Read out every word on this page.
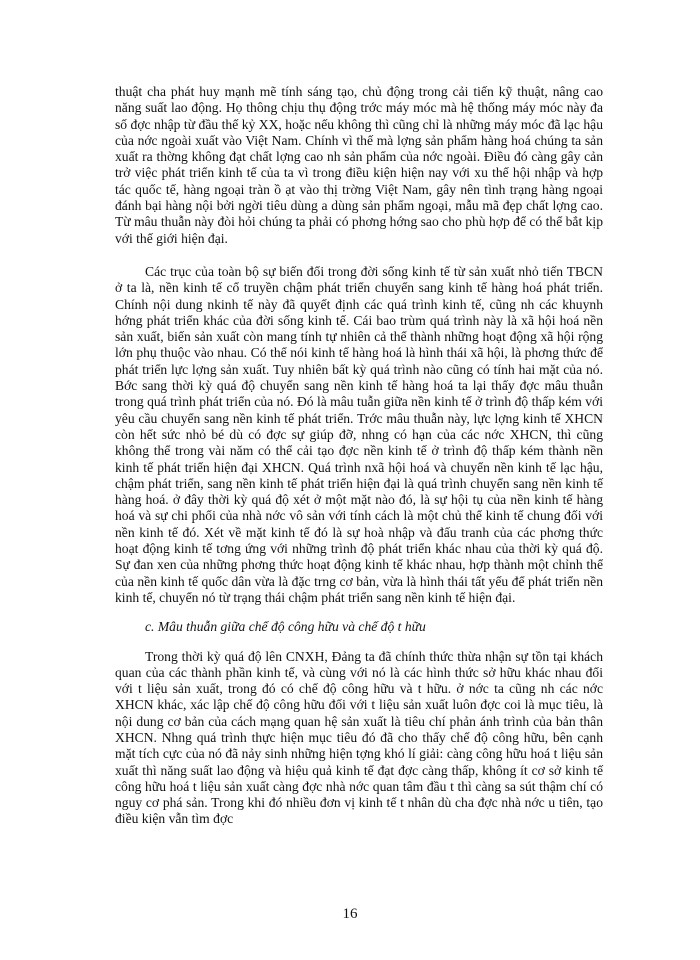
thuật cha phát huy mạnh mẽ tính sáng tạo, chủ động trong cải tiến kỹ thuật, nâng cao năng suất lao động. Họ thông chịu thụ động trớc máy móc mà hệ thống máy móc này đa số đợc nhập từ đầu thế kỷ XX, hoặc nếu không thì cũng chỉ là những máy móc đã lạc hậu của nớc ngoài xuất vào Việt Nam. Chính vì thế mà lợng sản phẩm hàng hoá chúng ta sản xuất ra thờng không đạt chất lợng cao nh sản phẩm của nớc ngoài. Điều đó càng gây cản trở việc phát triển kinh tế của ta vì trong điều kiện hiện nay với xu thế hội nhập và hợp tác quốc tế, hàng ngoại tràn ồ ạt vào thị trờng Việt Nam, gây nên tình trạng hàng ngoại đánh bại hàng nội bởi ngời tiêu dùng a dùng sản phẩm ngoại, mẫu mã đẹp chất lợng cao. Từ mâu thuẫn này đòi hỏi chúng ta phải có phơng hớng sao cho phù hợp để có thể bắt kịp với thế giới hiện đại.

Các trục của toàn bộ sự biến đổi trong đời sống kinh tế từ sản xuất nhỏ tiến TBCN ở ta là, nền kinh tế cổ truyền chậm phát triển chuyển sang kinh tế hàng hoá phát triển. Chính nội dung nkinh tế này đã quyết định các quá trình kinh tế, cũng nh các khuynh hớng phát triển khác của đời sống kinh tế. Cái bao trùm quá trình này là xã hội hoá nền sản xuất, biến sản xuất còn mang tính tự nhiên cả thể thành những hoạt động xã hội rộng lớn phụ thuộc vào nhau. Có thể nói kinh tế hàng hoá là hình thái xã hội, là phơng thức để phát triển lực lợng sản xuất. Tuy nhiên bất kỳ quá trình nào cũng có tính hai mặt của nó. Bớc sang thời kỳ quá độ chuyển sang nền kinh tế hàng hoá ta lại thấy đợc mâu thuẫn trong quá trình phát triển của nó. Đó là mâu tuẫn giữa nền kinh tế ở trình độ thấp kém với yêu cầu chuyển sang nền kinh tế phát triển. Trớc mâu thuẫn này, lực lợng kinh tế XHCN còn hết sức nhỏ bé dù có đợc sự giúp đỡ, nhng có hạn của các nớc XHCN, thì cũng không thể trong vài năm có thể cải tạo đợc nền kinh tế ở trình độ thấp kém thành nền kinh tế phát triển hiện đại XHCN. Quá trình nxã hội hoá và chuyển nền kinh tế lạc hậu, chậm phát triển, sang nền kinh tế phát triển hiện đại là quá trình chuyển sang nền kinh tế hàng hoá. ở đây thời kỳ quá độ xét ở một mặt nào đó, là sự hội tụ của nền kinh tế hàng hoá và sự chi phối của nhà nớc vô sản với tính cách là một chủ thể kinh tế chung đối với nền kinh tế đó. Xét về mặt kinh tế đó là sự hoà nhập và đấu tranh của các phơng thức hoạt động kinh tế tơng ứng với những trình độ phát triển khác nhau của thời kỳ quá độ. Sự đan xen của những phơng thức hoạt động kinh tế khác nhau, hợp thành một chỉnh thể của nền kinh tế quốc dân vừa là đặc trng cơ bản, vừa là hình thái tất yếu để phát triển nền kinh tế, chuyển nó từ trạng thái chậm phát triển sang nền kinh tế hiện đại.

c. Mâu thuẫn giữa chế độ công hữu và chế độ t hữu

Trong thời kỳ quá độ lên CNXH, Đảng ta đã chính thức thừa nhận sự tồn tại khách quan của các thành phần kinh tế, và cùng với nó là các hình thức sở hữu khác nhau đối với t liệu sản xuất, trong đó có chế độ công hữu và t hữu. ở nớc ta cũng nh các nớc XHCN khác, xác lập chế độ công hữu đối với t liệu sản xuất luôn đợc coi là mục tiêu, là nội dung cơ bản của cách mạng quan hệ sản xuất là tiêu chí phản ánh trình của bản thân XHCN. Nhng quá trình thực hiện mục tiêu đó đã cho thấy chế độ công hữu, bên cạnh mặt tích cực của nó đã nảy sinh những hiện tợng khó lí giải: càng công hữu hoá t liệu sản xuất thì năng suất lao động và hiệu quả kinh tế đạt đợc càng thấp, không ít cơ sở kinh tế công hữu hoá t liệu sản xuất càng đợc nhà nớc quan tâm đầu t thì càng sa sút thậm chí có nguy cơ phá sản. Trong khi đó nhiều đơn vị kinh tế t nhân dù cha đợc nhà nớc u tiên, tạo điều kiện vẫn tìm đợc

16
